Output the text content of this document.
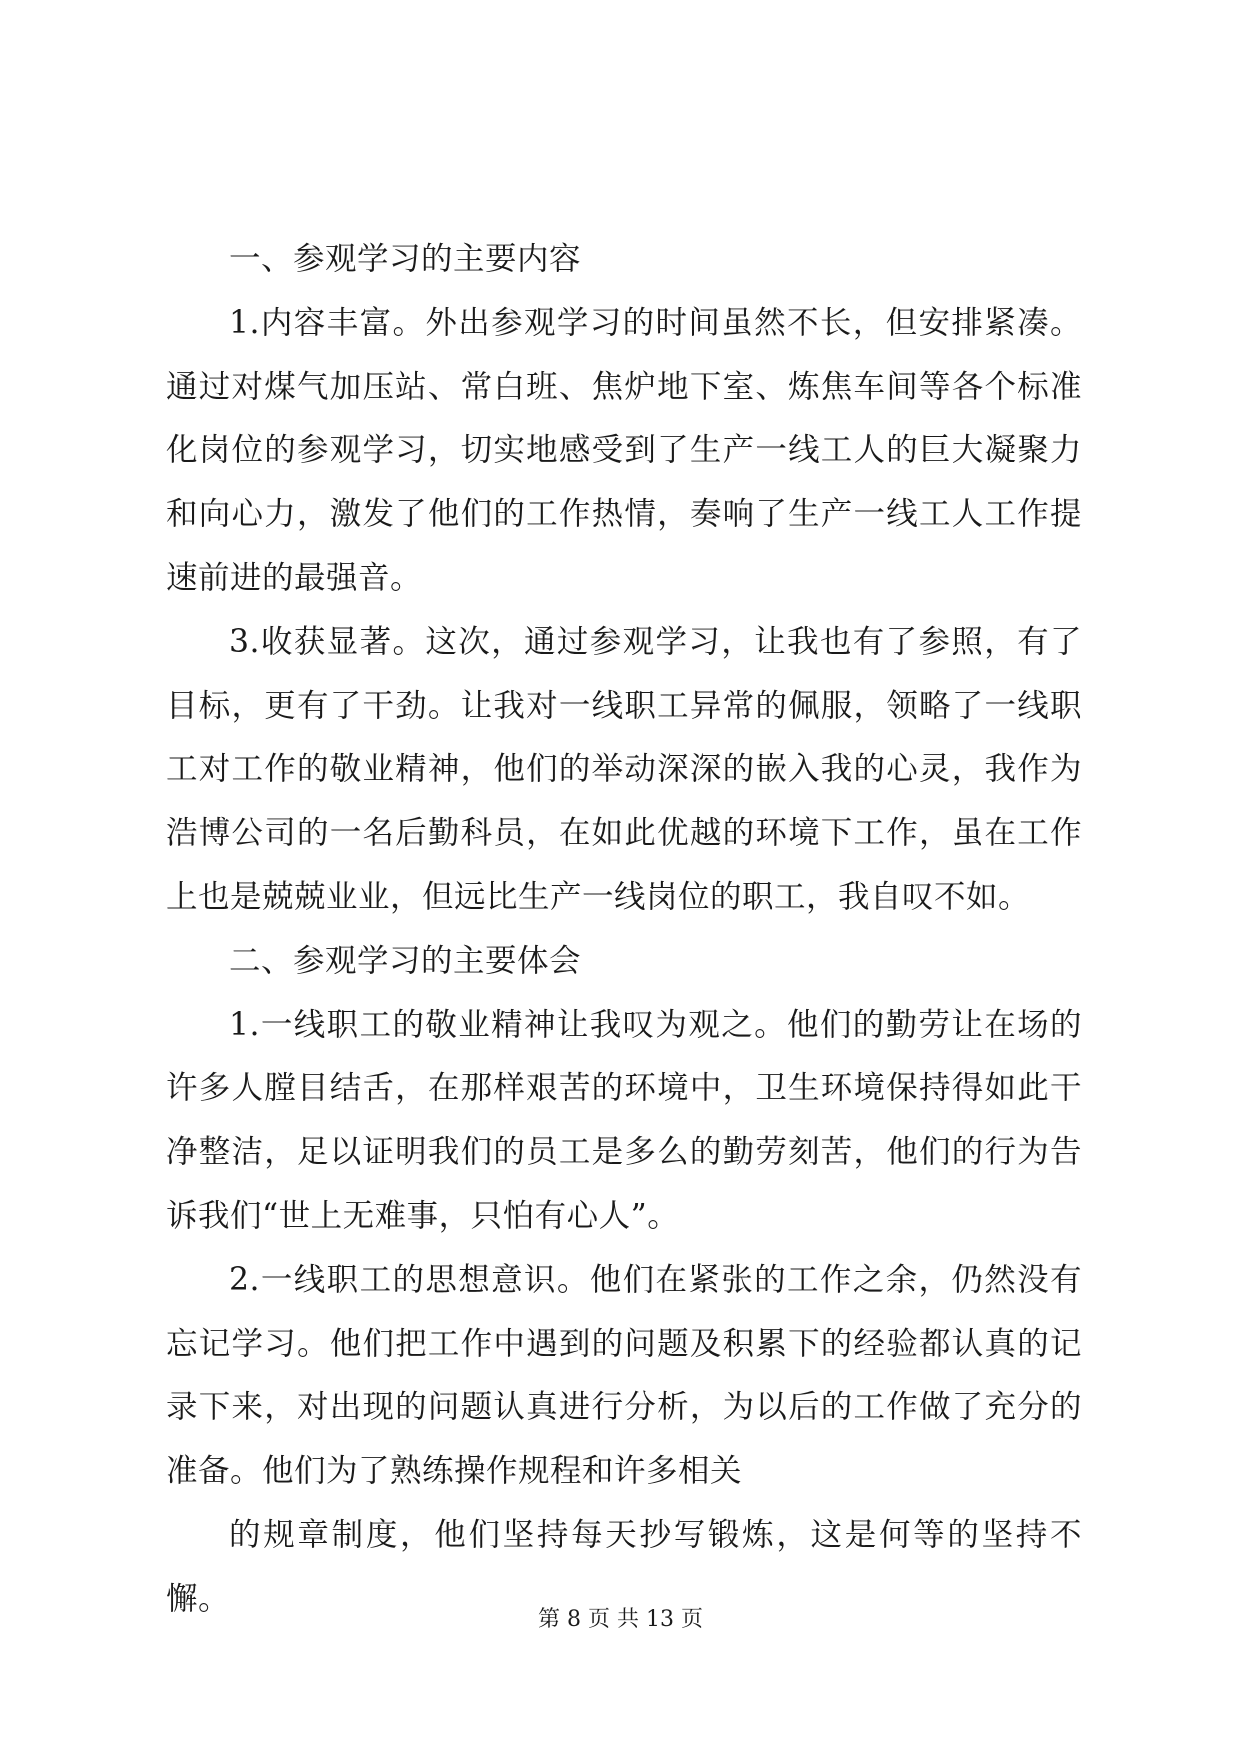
一、参观学习的主要内容

1.内容丰富。外出参观学习的时间虽然不长，但安排紧凑。通过对煤气加压站、常白班、焦炉地下室、炼焦车间等各个标准化岗位的参观学习，切实地感受到了生产一线工人的巨大凝聚力和向心力，激发了他们的工作热情，奏响了生产一线工人工作提速前进的最强音。

3.收获显著。这次，通过参观学习，让我也有了参照，有了目标，更有了干劲。让我对一线职工异常的佩服，领略了一线职工对工作的敬业精神，他们的举动深深的嵌入我的心灵，我作为浩博公司的一名后勤科员，在如此优越的环境下工作，虽在工作上也是兢兢业业，但远比生产一线岗位的职工，我自叹不如。

二、参观学习的主要体会

1.一线职工的敬业精神让我叹为观之。他们的勤劳让在场的许多人膛目结舌，在那样艰苦的环境中，卫生环境保持得如此干净整洁，足以证明我们的员工是多么的勤劳刻苦，他们的行为告诉我们“世上无难事，只怕有心人”。

2.一线职工的思想意识。他们在紧张的工作之余，仍然没有忘记学习。他们把工作中遇到的问题及积累下的经验都认真的记录下来，对出现的问题认真进行分析，为以后的工作做了充分的准备。他们为了熟练操作规程和许多相关

的规章制度，他们坚持每天抄写锻炼，这是何等的坚持不懈。

第 8 页 共 13 页
